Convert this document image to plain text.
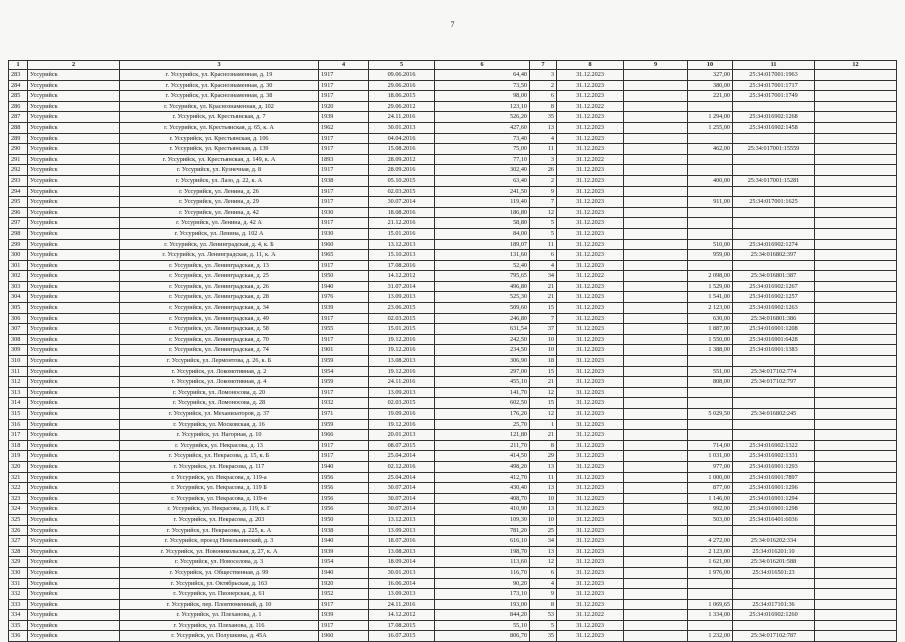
7
1	2	3	4	5	6	7	8	9	10	11	12
283	Уссурийск	г. Уссурийск, ул. Краснознаменная, д. 19	1917	09.06.2016	64,40	3	31.12.2023		327,00	25:34:017001:1963	
284	Уссурийск	г. Уссурийск, ул. Краснознаменная, д. 30	1917	29.06.2016	73,50	2	31.12.2023		380,00	25:34:017001:1717	
285	Уссурийск	г. Уссурийск, ул. Краснознаменная, д. 38	1917	18.06.2015	98,00	6	31.12.2023		221,00	25:34:017001:1749	
286	Уссурийск	г. Уссурийск, ул. Краснознаменная, д. 102	1920	29.06.2012	123,10	8	31.12.2022				
287	Уссурийск	г. Уссурийск, ул. Крестьянская, д. 7	1939	24.11.2016	526,20	35	31.12.2023		1 294,00	25:34:016902:1268	
288	Уссурийск	г. Уссурийск, ул. Крестьянская, д. 65, к. А	1962	30.01.2013	427,60	13	31.12.2023		1 255,00	25:34:016902:1458	
289	Уссурийск	г. Уссурийск, ул. Крестьянская, д. 106	1917	04.04.2016	73,40	4	31.12.2023				
290	Уссурийск	г. Уссурийск, ул. Крестьянская, д. 139	1917	15.08.2016	75,00	11	31.12.2023		462,00	25:34:017001:15559	
291	Уссурийск	г. Уссурийск, ул. Крестьянская, д. 149, к. А	1893	28.09.2012	77,10	3	31.12.2022				
292	Уссурийск	г. Уссурийск, ул. Кузнечная, д. 8	1917	28.09.2016	302,40	26	31.12.2023				
293	Уссурийск	г. Уссурийск, ул. Лазо, д. 22, к. А	1938	05.10.2015	63,40	2	31.12.2023		400,00	25:34:017001:15281	
294	Уссурийск	г. Уссурийск, ул. Ленина, д. 26	1917	02.03.2015	241,50	9	31.12.2023				
295	Уссурийск	г. Уссурийск, ул. Ленина, д. 29	1917	30.07.2014	119,40	7	31.12.2023		911,00	25:34:017001:1625	
296	Уссурийск	г. Уссурийск, ул. Ленина, д. 42	1930	18.08.2016	186,80	12	31.12.2023				
297	Уссурийск	г. Уссурийск, ул. Ленина, д. 42 А	1917	21.12.2016	58,80	5	31.12.2023				
298	Уссурийск	г. Уссурийск, ул. Ленина, д. 102 А	1930	15.01.2016	84,00	5	31.12.2023				
299	Уссурийск	г. Уссурийск, ул. Ленинградская, д. 4, к. Б	1960	13.12.2013	189,07	11	31.12.2023		510,00	25:34:016902:1274	
300	Уссурийск	г. Уссурийск, ул. Ленинградская, д. 11, к. А	1965	15.10.2013	131,60	6	31.12.2023		959,00	25:34:016802:397	
301	Уссурийск	г. Уссурийск, ул. Ленинградская, д. 13	1917	17.08.2016	52,40	4	31.12.2023				
302	Уссурийск	г. Уссурийск, ул. Ленинградская, д. 25	1950	14.12.2012	795,65	34	31.12.2022		2 098,00	25:34:016801:387	
303	Уссурийск	г. Уссурийск, ул. Ленинградская, д. 26	1940	31.07.2014	496,80	21	31.12.2023		1 529,00	25:34:016902:1267	
304	Уссурийск	г. Уссурийск, ул. Ленинградская, д. 28	1976	13.09.2013	525,30	21	31.12.2023		1 541,00	25:34:016902:1257	
305	Уссурийск	г. Уссурийск, ул. Ленинградская, д. 34	1939	23.06.2015	509,60	15	31.12.2023		2 123,00	25:34:016902:1263	
306	Уссурийск	г. Уссурийск, ул. Ленинградская, д. 49	1917	02.03.2015	246,80	7	31.12.2023		630,00	25:34:016801:386	
307	Уссурийск	г. Уссурийск, ул. Ленинградская, д. 58	1955	15.01.2015	631,54	37	31.12.2023		1 887,00	25:34:016901:1208	
308	Уссурийск	г. Уссурийск, ул. Ленинградская, д. 70	1917	19.12.2016	242,50	10	31.12.2023		1 550,00	25:34:016901:6428	
309	Уссурийск	г. Уссурийск, ул. Ленинградская, д. 74	1901	19.12.2016	234,50	10	31.12.2023		1 388,00	25:34:016901:1383	
310	Уссурийск	г. Уссурийск, ул. Лермонтова, д. 26, к. Б	1959	13.08.2013	306,90	18	31.12.2023				
311	Уссурийск	г. Уссурийск, ул. Локомотивная, д. 2	1954	19.12.2016	297,00	15	31.12.2023		551,00	25:34:017102:774	
312	Уссурийск	г. Уссурийск, ул. Локомотивная, д. 4	1959	24.11.2016	455,10	21	31.12.2023		808,00	25:34:017102:797	
313	Уссурийск	г. Уссурийск, ул. Ломоносова, д. 20	1917	13.09.2013	141,70	12	31.12.2023				
314	Уссурийск	г. Уссурийск, ул. Ломоносова, д. 28	1932	02.03.2015	602,50	15	31.12.2023				
315	Уссурийск	г. Уссурийск, ул. Механизаторов, д. 37	1971	19.09.2016	176,20	12	31.12.2023		5 029,50	25:34:016802:245	
316	Уссурийск	г. Уссурийск, ул. Московская, д. 16	1959	19.12.2016	25,70	1	31.12.2023				
317	Уссурийск	г. Уссурийск, ул. Нагорная, д. 10	1966	20.01.2013	121,80	21	31.12.2023				
318	Уссурийск	г. Уссурийск, ул. Некрасова, д. 13	1917	08.07.2015	211,70	8	31.12.2023		714,00	25:34:016902:1322	
319	Уссурийск	г. Уссурийск, ул. Некрасова, д. 15, к. Б	1917	25.04.2014	414,50	29	31.12.2023		1 031,00	25:34:016902:1331	
320	Уссурийск	г. Уссурийск, ул. Некрасова, д. 117	1940	02.12.2016	498,20	13	31.12.2023		977,00	25:34:016901:1293	
321	Уссурийск	г. Уссурийск, ул. Некрасова, д. 119-а	1956	25.04.2014	412,70	11	31.12.2023		1 000,00	25:34:016901:7897	
322	Уссурийск	г. Уссурийск, ул. Некрасова, д. 119 Б	1956	30.07.2014	430,40	13	31.12.2023		877,00	25:34:016901:1296	
323	Уссурийск	г. Уссурийск, ул. Некрасова, д. 119-в	1956	30.07.2014	408,70	10	31.12.2023		1 146,00	25:34:016901:1294	
324	Уссурийск	г. Уссурийск, ул. Некрасова, д. 119, к. Г	1956	30.07.2014	410,90	13	31.12.2023		992,00	25:34:016901:1298	
325	Уссурийск	г. Уссурийск, ул. Некрасова, д. 203	1950	13.12.2013	109,30	10	31.12.2023		503,00	25:34:016401:6036	
326	Уссурийск	г. Уссурийск, ул. Некрасова, д. 225, к. А	1938	13.09.2013	781,20	25	31.12.2023				
327	Уссурийск	г. Уссурийск, проезд Невельнинский, д. 3	1940	18.07.2016	616,10	34	31.12.2023		4 272,00	25:34:016202:334	
328	Уссурийск	г. Уссурийск, ул. Новоникольская, д. 27, к. А	1939	13.08.2013	198,70	13	31.12.2023		2 123,00	25:34:016201:10	
329	Уссурийск	г. Уссурийск, ул. Новоселова, д. 3	1954	18.09.2014	113,60	12	31.12.2023		1 621,00	25:34:016201:588	
330	Уссурийск	г. Уссурийск, ул. Общественная, д. 99	1940	30.01.2013	116,70	6	31.12.2023		1 976,00	25:34:016501:23	
331	Уссурийск	г. Уссурийск, ул. Октябрьская, д. 163	1920	16.06.2014	90,20	4	31.12.2023				
332	Уссурийск	г. Уссурийск, ул. Пионерская, д. 61	1952	13.09.2013	173,10	9	31.12.2023				
333	Уссурийск	г. Уссурийск, пер. Пловтюменный, д. 10	1917	24.11.2016	193,00	8	31.12.2023		1 069,65	25:34:017101:36	
334	Уссурийск	г. Уссурийск, ул. Плеханова, д. 1	1939	14.12.2012	844,20	53	31.12.2022		1 334,00	25:34:016902:1260	
335	Уссурийск	г. Уссурийск, ул. Плеханова, д. 116	1917	17.08.2015	55,10	5	31.12.2023				
336	Уссурийск	г. Уссурийск, ул. Полушкина, д. 45А	1960	16.07.2015	806,70	35	31.12.2023		1 232,00	25:34:017102:787	
